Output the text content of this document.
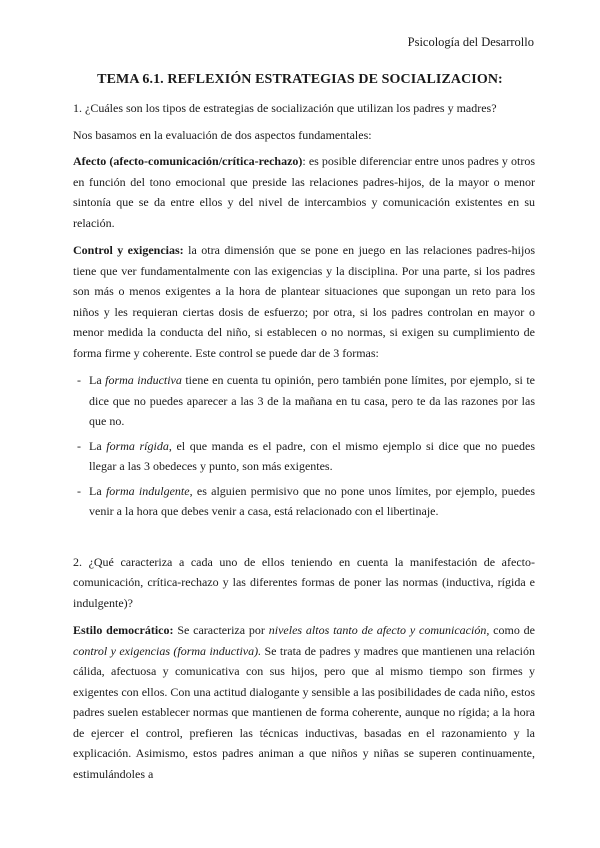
Psicología del Desarrollo
TEMA 6.1. REFLEXIÓN ESTRATEGIAS DE SOCIALIZACION:

1. ¿Cuáles son los tipos de estrategias de socialización que utilizan los padres y madres?

Nos basamos en la evaluación de dos aspectos fundamentales:

Afecto (afecto-comunicación/crítica-rechazo): es posible diferenciar entre unos padres y otros en función del tono emocional que preside las relaciones padres-hijos, de la mayor o menor sintonía que se da entre ellos y del nivel de intercambios y comunicación existentes en su relación.

Control y exigencias: la otra dimensión que se pone en juego en las relaciones padres-hijos tiene que ver fundamentalmente con las exigencias y la disciplina. Por una parte, si los padres son más o menos exigentes a la hora de plantear situaciones que supongan un reto para los niños y les requieran ciertas dosis de esfuerzo; por otra, si los padres controlan en mayor o menor medida la conducta del niño, si establecen o no normas, si exigen su cumplimiento de forma firme y coherente. Este control se puede dar de 3 formas:

- La forma inductiva tiene en cuenta tu opinión, pero también pone límites, por ejemplo, si te dice que no puedes aparecer a las 3 de la mañana en tu casa, pero te da las razones por las que no.
- La forma rígida, el que manda es el padre, con el mismo ejemplo si dice que no puedes llegar a las 3 obedeces y punto, son más exigentes.
- La forma indulgente, es alguien permisivo que no pone unos límites, por ejemplo, puedes venir a la hora que debes venir a casa, está relacionado con el libertinaje.

2. ¿Qué caracteriza a cada uno de ellos teniendo en cuenta la manifestación de afecto-comunicación, crítica-rechazo y las diferentes formas de poner las normas (inductiva, rígida e indulgente)?

Estilo democrático: Se caracteriza por niveles altos tanto de afecto y comunicación, como de control y exigencias (forma inductiva). Se trata de padres y madres que mantienen una relación cálida, afectuosa y comunicativa con sus hijos, pero que al mismo tiempo son firmes y exigentes con ellos. Con una actitud dialogante y sensible a las posibilidades de cada niño, estos padres suelen establecer normas que mantienen de forma coherente, aunque no rígida; a la hora de ejercer el control, prefieren las técnicas inductivas, basadas en el razonamiento y la explicación. Asimismo, estos padres animan a que niños y niñas se superen continuamente, estimulándoles a
